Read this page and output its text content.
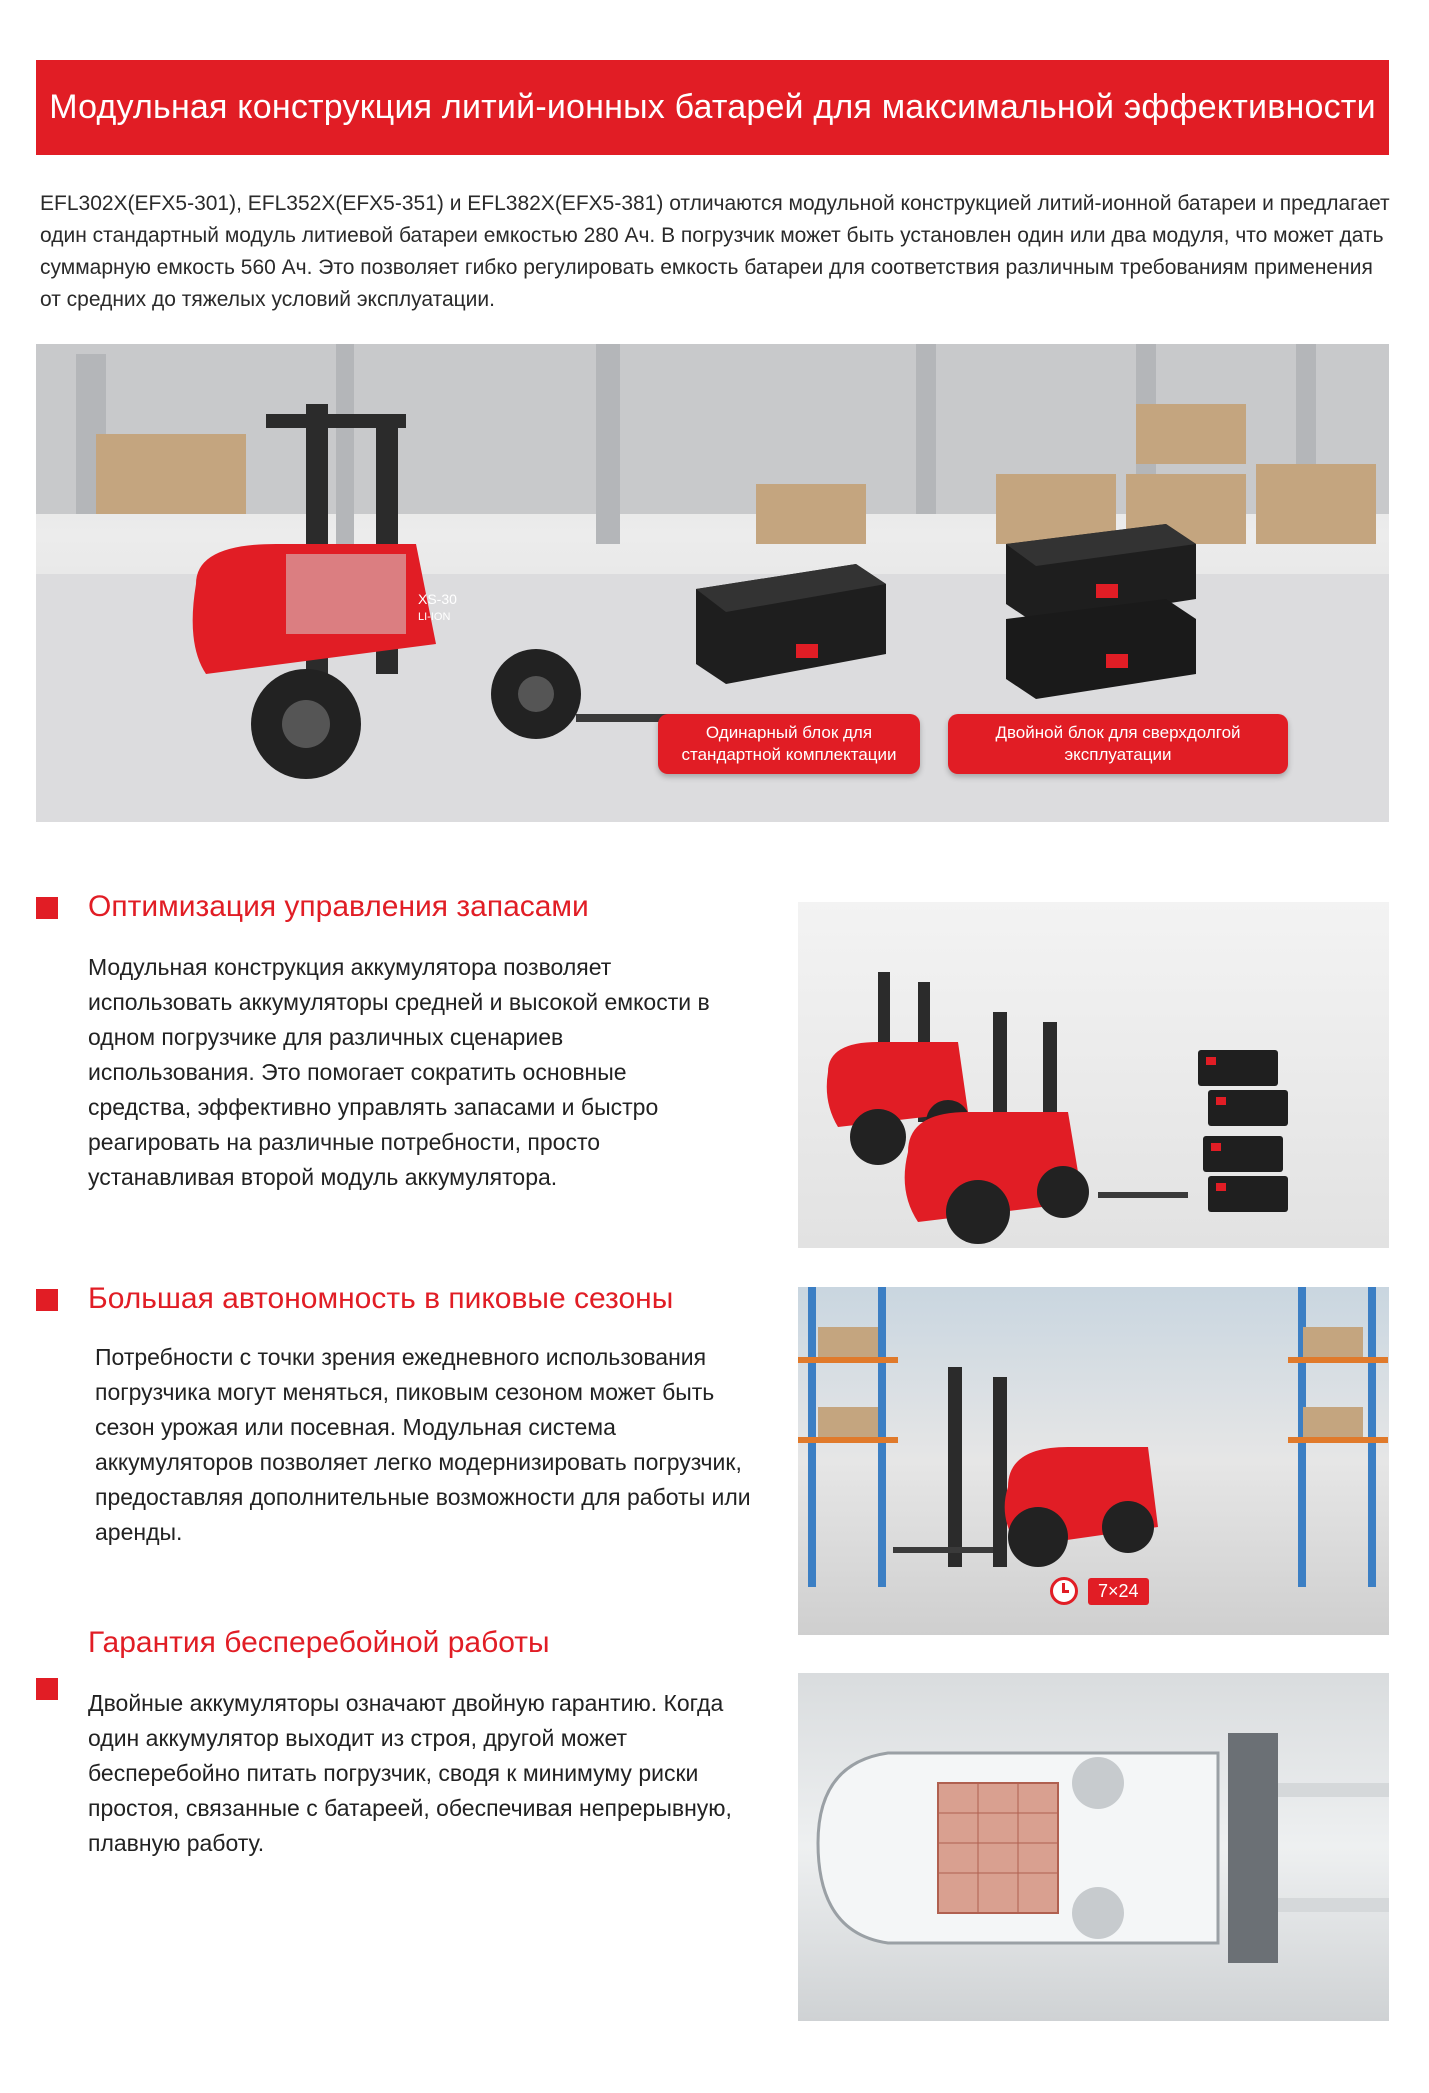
Модульная конструкция литий-ионных батарей для максимальной эффективности
EFL302X(EFX5-301), EFL352X(EFX5-351) и EFL382X(EFX5-381) отличаются модульной конструкцией литий-ионной батареи и предлагает один стандартный модуль литиевой батареи емкостью 280 Ач. В погрузчик может быть установлен один или два модуля, что может дать суммарную емкость 560 Ач. Это позволяет гибко регулировать емкость батареи для соответствия различным требованиям применения от средних до тяжелых условий эксплуатации.
XS-30
LI-ION
Одинарный блок для стандартной комплектации
Двойной блок для сверхдолгой эксплуатации
Оптимизация управления запасами
Модульная конструкция аккумулятора позволяет использовать аккумуляторы средней и высокой емкости в одном погрузчике для различных сценариев использования. Это помогает сократить основные средства, эффективно управлять запасами и быстро реагировать на различные потребности, просто устанавливая второй модуль аккумулятора.
Большая автономность в пиковые сезоны
Потребности с точки зрения ежедневного использования погрузчика могут меняться, пиковым сезоном может быть сезон урожая или посевная. Модульная система аккумуляторов позволяет легко модернизировать погрузчик, предоставляя дополнительные возможности для работы или аренды.
7×24
Гарантия бесперебойной работы
Двойные аккумуляторы означают двойную гарантию. Когда один аккумулятор выходит из строя, другой может бесперебойно питать погрузчик, сводя к минимуму риски простоя, связанные с батареей, обеспечивая непрерывную, плавную работу.
